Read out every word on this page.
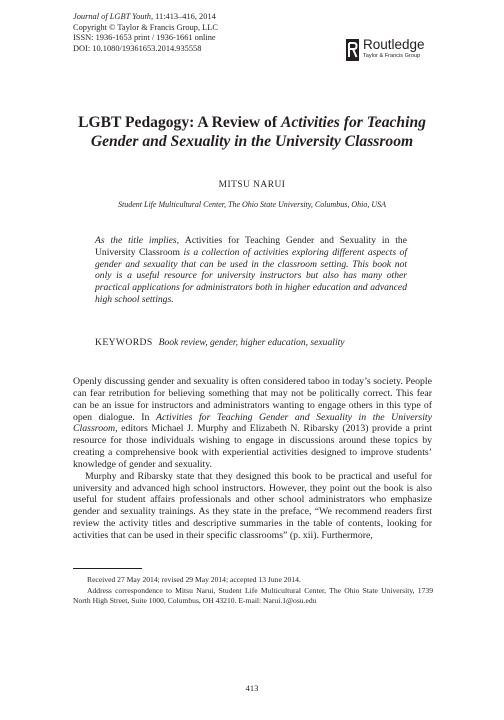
Journal of LGBT Youth, 11:413–416, 2014
Copyright © Taylor & Francis Group, LLC
ISSN: 1936-1653 print / 1936-1661 online
DOI: 10.1080/19361653.2014.935558	Routledge
Taylor & Francis Group
LGBT Pedagogy: A Review of Activities for Teaching Gender and Sexuality in the University Classroom
MITSU NARUI
Student Life Multicultural Center, The Ohio State University, Columbus, Ohio, USA
As the title implies, Activities for Teaching Gender and Sexuality in the University Classroom is a collection of activities exploring different aspects of gender and sexuality that can be used in the classroom setting. This book not only is a useful resource for university instructors but also has many other practical applications for administrators both in higher education and advanced high school settings.
KEYWORDS Book review, gender, higher education, sexuality

Openly discussing gender and sexuality is often considered taboo in today’s society. People can fear retribution for believing something that may not be politically correct. This fear can be an issue for instructors and administrators wanting to engage others in this type of open dialogue. In Activities for Teaching Gender and Sexuality in the University Classroom, editors Michael J. Murphy and Elizabeth N. Ribarsky (2013) provide a print resource for those individuals wishing to engage in discussions around these topics by creating a comprehensive book with experiential activities designed to improve students’ knowledge of gender and sexuality.

Murphy and Ribarsky state that they designed this book to be practical and useful for university and advanced high school instructors. However, they point out the book is also useful for student affairs professionals and other school administrators who emphasize gender and sexuality trainings. As they state in the preface, “We recommend readers first review the activity titles and descriptive summaries in the table of contents, looking for activities that can be used in their specific classrooms” (p. xii). Furthermore,

Received 27 May 2014; revised 29 May 2014; accepted 13 June 2014.

Address correspondence to Mitsu Narui, Student Life Multicultural Center, The Ohio State University, 1739 North High Street, Suite 1000, Columbus, OH 43210. E-mail: Narui.1@osu.edu

413
